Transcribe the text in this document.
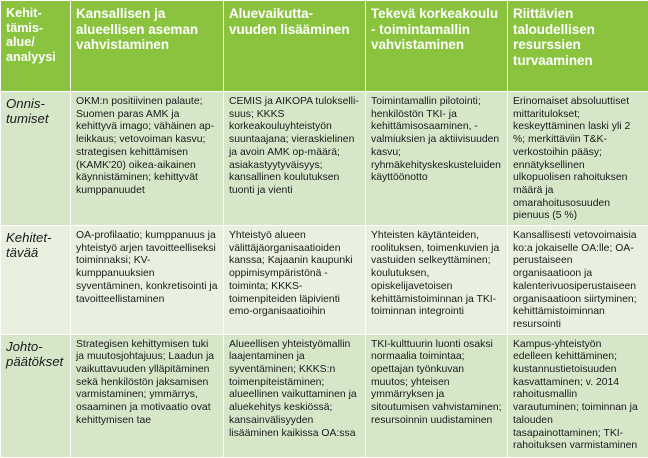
Kehit-tämis-alue/ analyysi	Kansallisen ja alueellisen aseman vahvistaminen	Aluevaikutta-vuuden lisääminen	Tekevä korkeakoulu - toimintamallin vahvistaminen	Riittävien taloudellisen resurssien turvaaminen
Onnis-tumiset	OKM:n positiivinen palaute; Suomen paras AMK ja kehittyvä imago; vähäinen ap-leikkaus; vetovoiman kasvu; strategisen kehittämisen (KAMK'20) oikea-aikainen käynnistäminen; kehittyvät kumppanuudet	CEMIS ja AIKOPA tulokselli-suus; KKKS korkeakouluyhteistyön suuntaajana; vieraskielinen ja avoin AMK op-määrä; asiakastyytyväisyys; kansallinen koulutuksen tuonti ja vienti	Toimintamallin pilotointi; henkilöstön TKI- ja kehittämisosaaminen, -valmiuksien ja aktiivisuuden kasvu; ryhmäkehityskeskusteluiden käyttöönotto	Erinomaiset absoluuttiset mittaritulokset; keskeyttäminen laski yli 2 %; merkittäviin T&K-verkostoihin pääsy; ennätyksellinen ulkopuolisen rahoituksen määrä ja omarahoitusosuuden pienuus (5 %)
Kehitet-tävää	OA-profilaatio; kumppanuus ja yhteistyö arjen tavoitteelliseksi toiminnaksi; KV-kumppanuuksien syventäminen, konkretisointi ja tavoitteellistaminen	Yhteistyö alueen välittäjäorganisaatioiden kanssa; Kajaanin kaupunki oppimisympäristönä -toiminta; KKKS-toimenpiteiden läpivienti emo-organisaatioihin	Yhteisten käytänteiden, roolituksen, toimenkuvien ja vastuiden selkeyttäminen; koulutuksen, opiskelijavetoisen kehittämistoiminnan ja TKI-toiminnan integrointi	Kansallisesti vetovoimaisia ko:a jokaiselle OA:lle; OA-perustaiseen organisaatioon ja kalenterivuosiperustaiseen organisaatioon siirtyminen; kehittämistoiminnan resursointi
Johto-päätökset	Strategisen kehittymisen tuki ja muutosjohtajuus; Laadun ja vaikuttavuuden ylläpitäminen sekä henkilöstön jaksamisen varmistaminen; ymmärrys, osaaminen ja motivaatio ovat kehittymisen tae	Alueellisen yhteistyömallin laajentaminen ja syventäminen; KKKS:n toimenpiteistäminen; alueellinen vaikuttaminen ja aluekehitys keskiössä; kansainvälisyyden lisääminen kaikissa OA:ssa	TKI-kulttuurin luonti osaksi normaalia toimintaa; opettajan työnkuvan muutos; yhteisen ymmärryksen ja sitoutumisen vahvistaminen; resursoinnin uudistaminen	Kampus-yhteistyön edelleen kehittäminen; kustannustietoisuuden kasvattaminen; v. 2014 rahoitusmallin varautuminen; toiminnan ja talouden tasapainottaminen; TKI-rahoituksen varmistaminen
